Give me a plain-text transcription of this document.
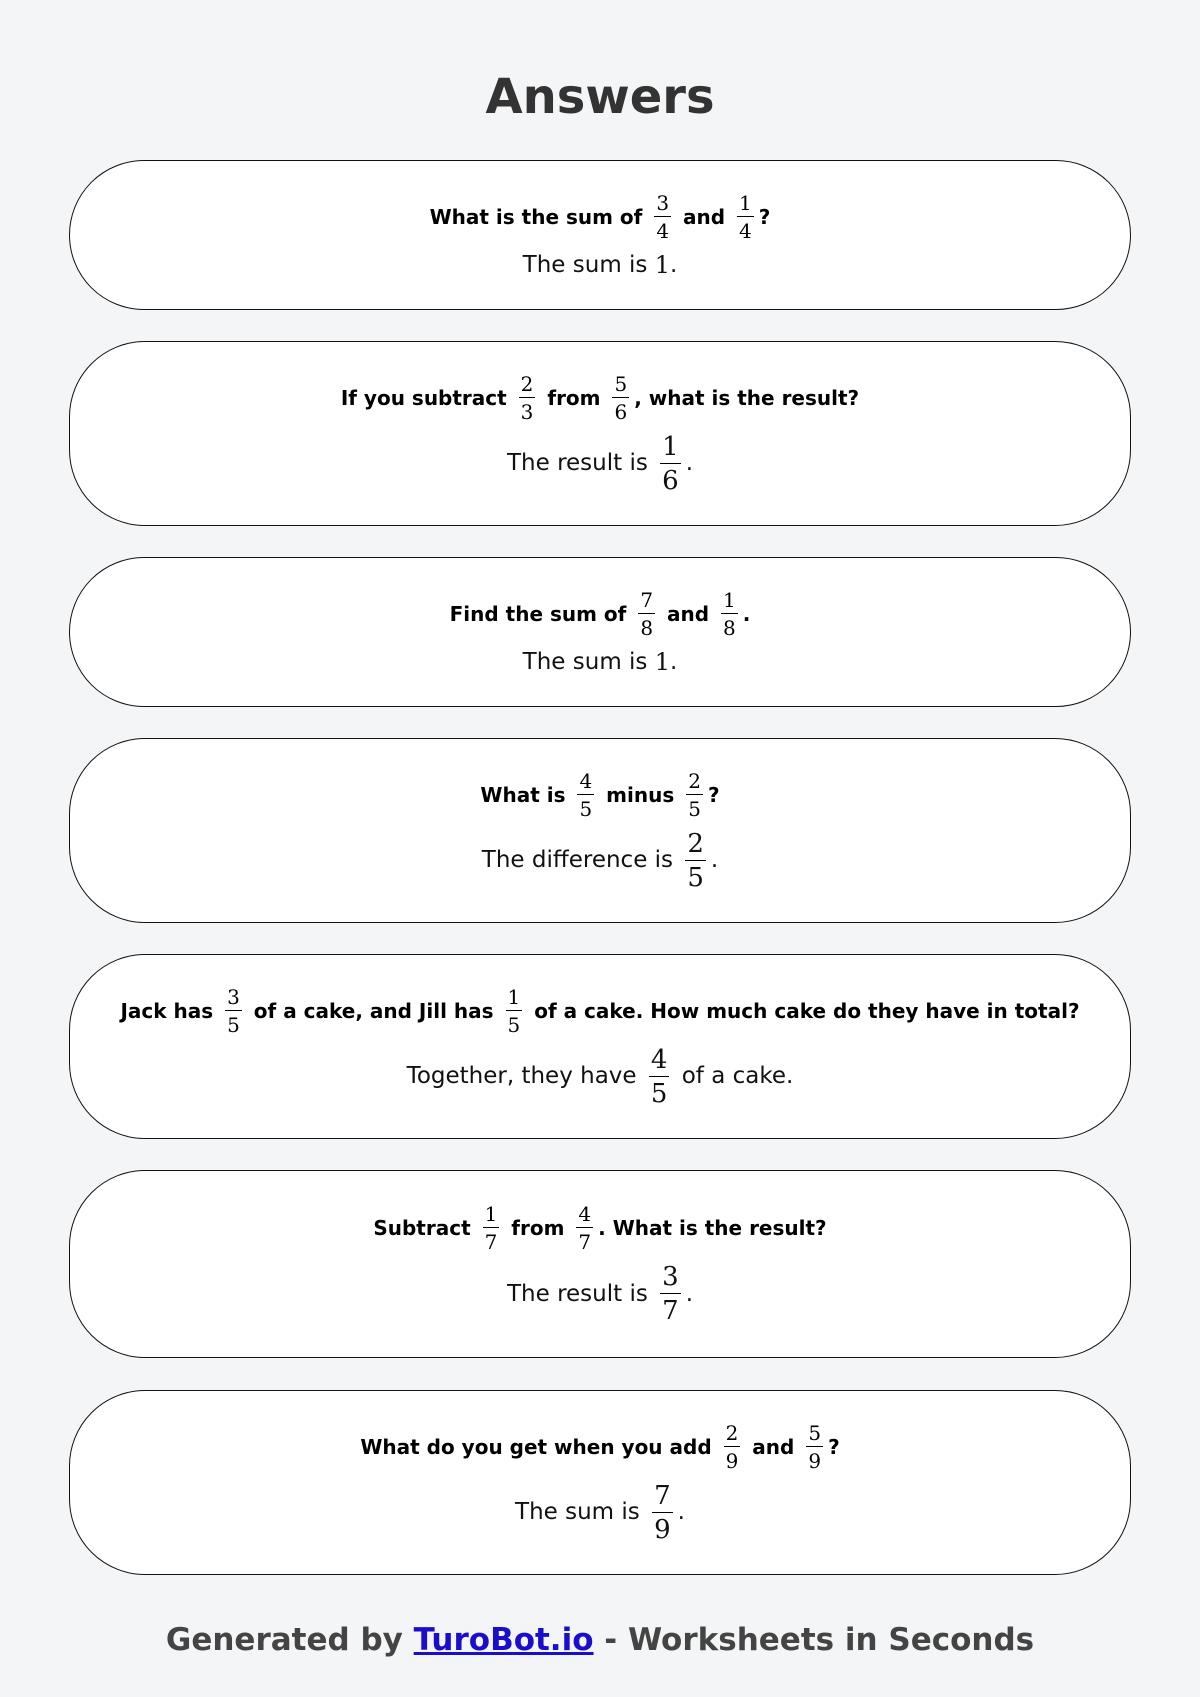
Answers
What is the sum of $\frac{3}{4}$ and $\frac{1}{4}$ ?
The sum is 1 .
If you subtract $\frac{2}{3}$ from $\frac{5}{6}$ , what is the result?
The result is $\frac{1}{6}$ .
Find the sum of $\frac{7}{8}$ and $\frac{1}{8}$ .
The sum is 1 .
What is $\frac{4}{5}$ minus $\frac{2}{5}$ ?
The difference is $\frac{2}{5}$ .
Jack has $\frac{3}{5}$ of a cake, and Jill has $\frac{1}{5}$ of a cake. How much cake do they have in total?
Together, they have $\frac{4}{5}$ of a cake.
Subtract $\frac{1}{7}$ from $\frac{4}{7}$ . What is the result?
The result is $\frac{3}{7}$ .
What do you get when you add $\frac{2}{9}$ and $\frac{5}{9}$ ?
The sum is $\frac{7}{9}$ .
Generated by TuroBot.io - Worksheets in Seconds
